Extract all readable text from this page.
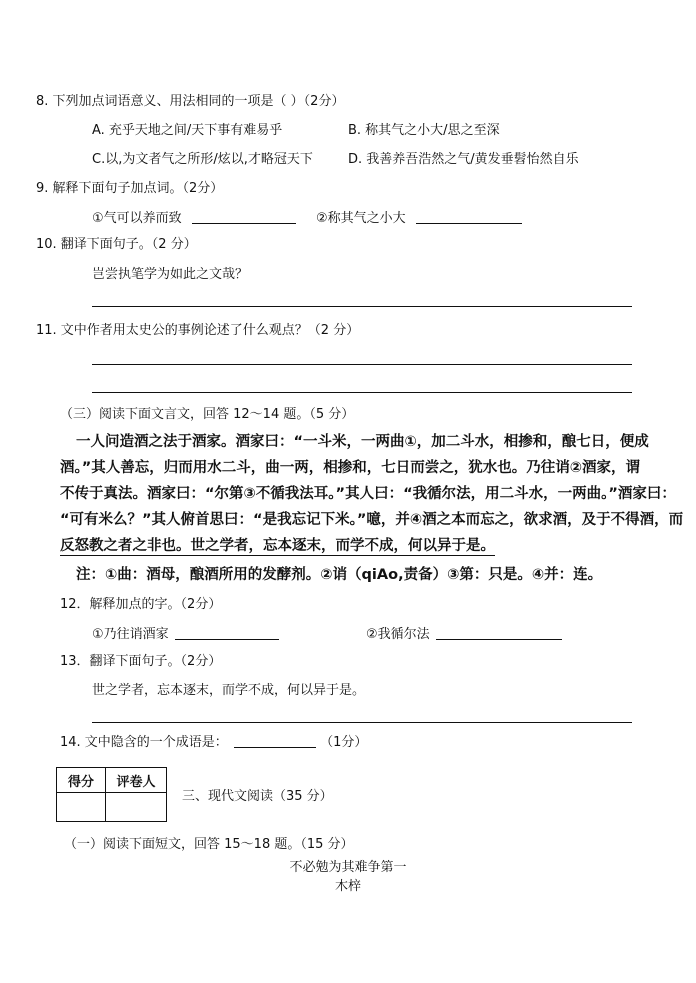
8. 下列加点词语意义、用法相同的一项是（ ）（2分）
A. 充乎天地之间/天下事有难易乎	B. 称其气之小大/思之至深
C.以,为文者气之所形/炫以,才略冠天下	D. 我善养吾浩然之气/黄发垂髫怡然自乐
9. 解释下面句子加点词。（2分）
①气可以养而致	②称其气之小大
10. 翻译下面句子。（2 分）
岂尝执笔学为如此之文哉？
11. 文中作者用太史公的事例论述了什么观点？（2 分）
（三）阅读下面文言文，回答 12～14 题。（5 分）
一人问造酒之法于酒家。酒家曰：“一斗米，一两曲①，加二斗水，相掺和，酿七日，便成
酒。”其人善忘，归而用水二斗，曲一两，相掺和，七日而尝之，犹水也。乃往诮②酒家，谓
不传于真法。酒家曰：“尔第③不循我法耳。”其人曰：“我循尔法，用二斗水，一两曲。”酒家曰：
“可有米么？”其人俯首思曰：“是我忘记下米。”噫，并④酒之本而忘之，欲求酒，及于不得酒，而
反怒教之者之非也。世之学者，忘本逐末，而学不成，何以异于是。
注：①曲：酒母，酿酒所用的发酵剂。②诮（qiAo,责备）③第：只是。④并：连。
12．解释加点的字。（2分）
①乃往诮酒家	②我循尔法
13．翻译下面句子。（2分）
世之学者，忘本逐末，而学不成，何以异于是。
14. 文中隐含的一个成语是：	（1分）
得分	评卷人

三、现代文阅读（35 分）
（一）阅读下面短文，回答 15～18 题。（15 分）
不必勉为其难争第一
木梓
